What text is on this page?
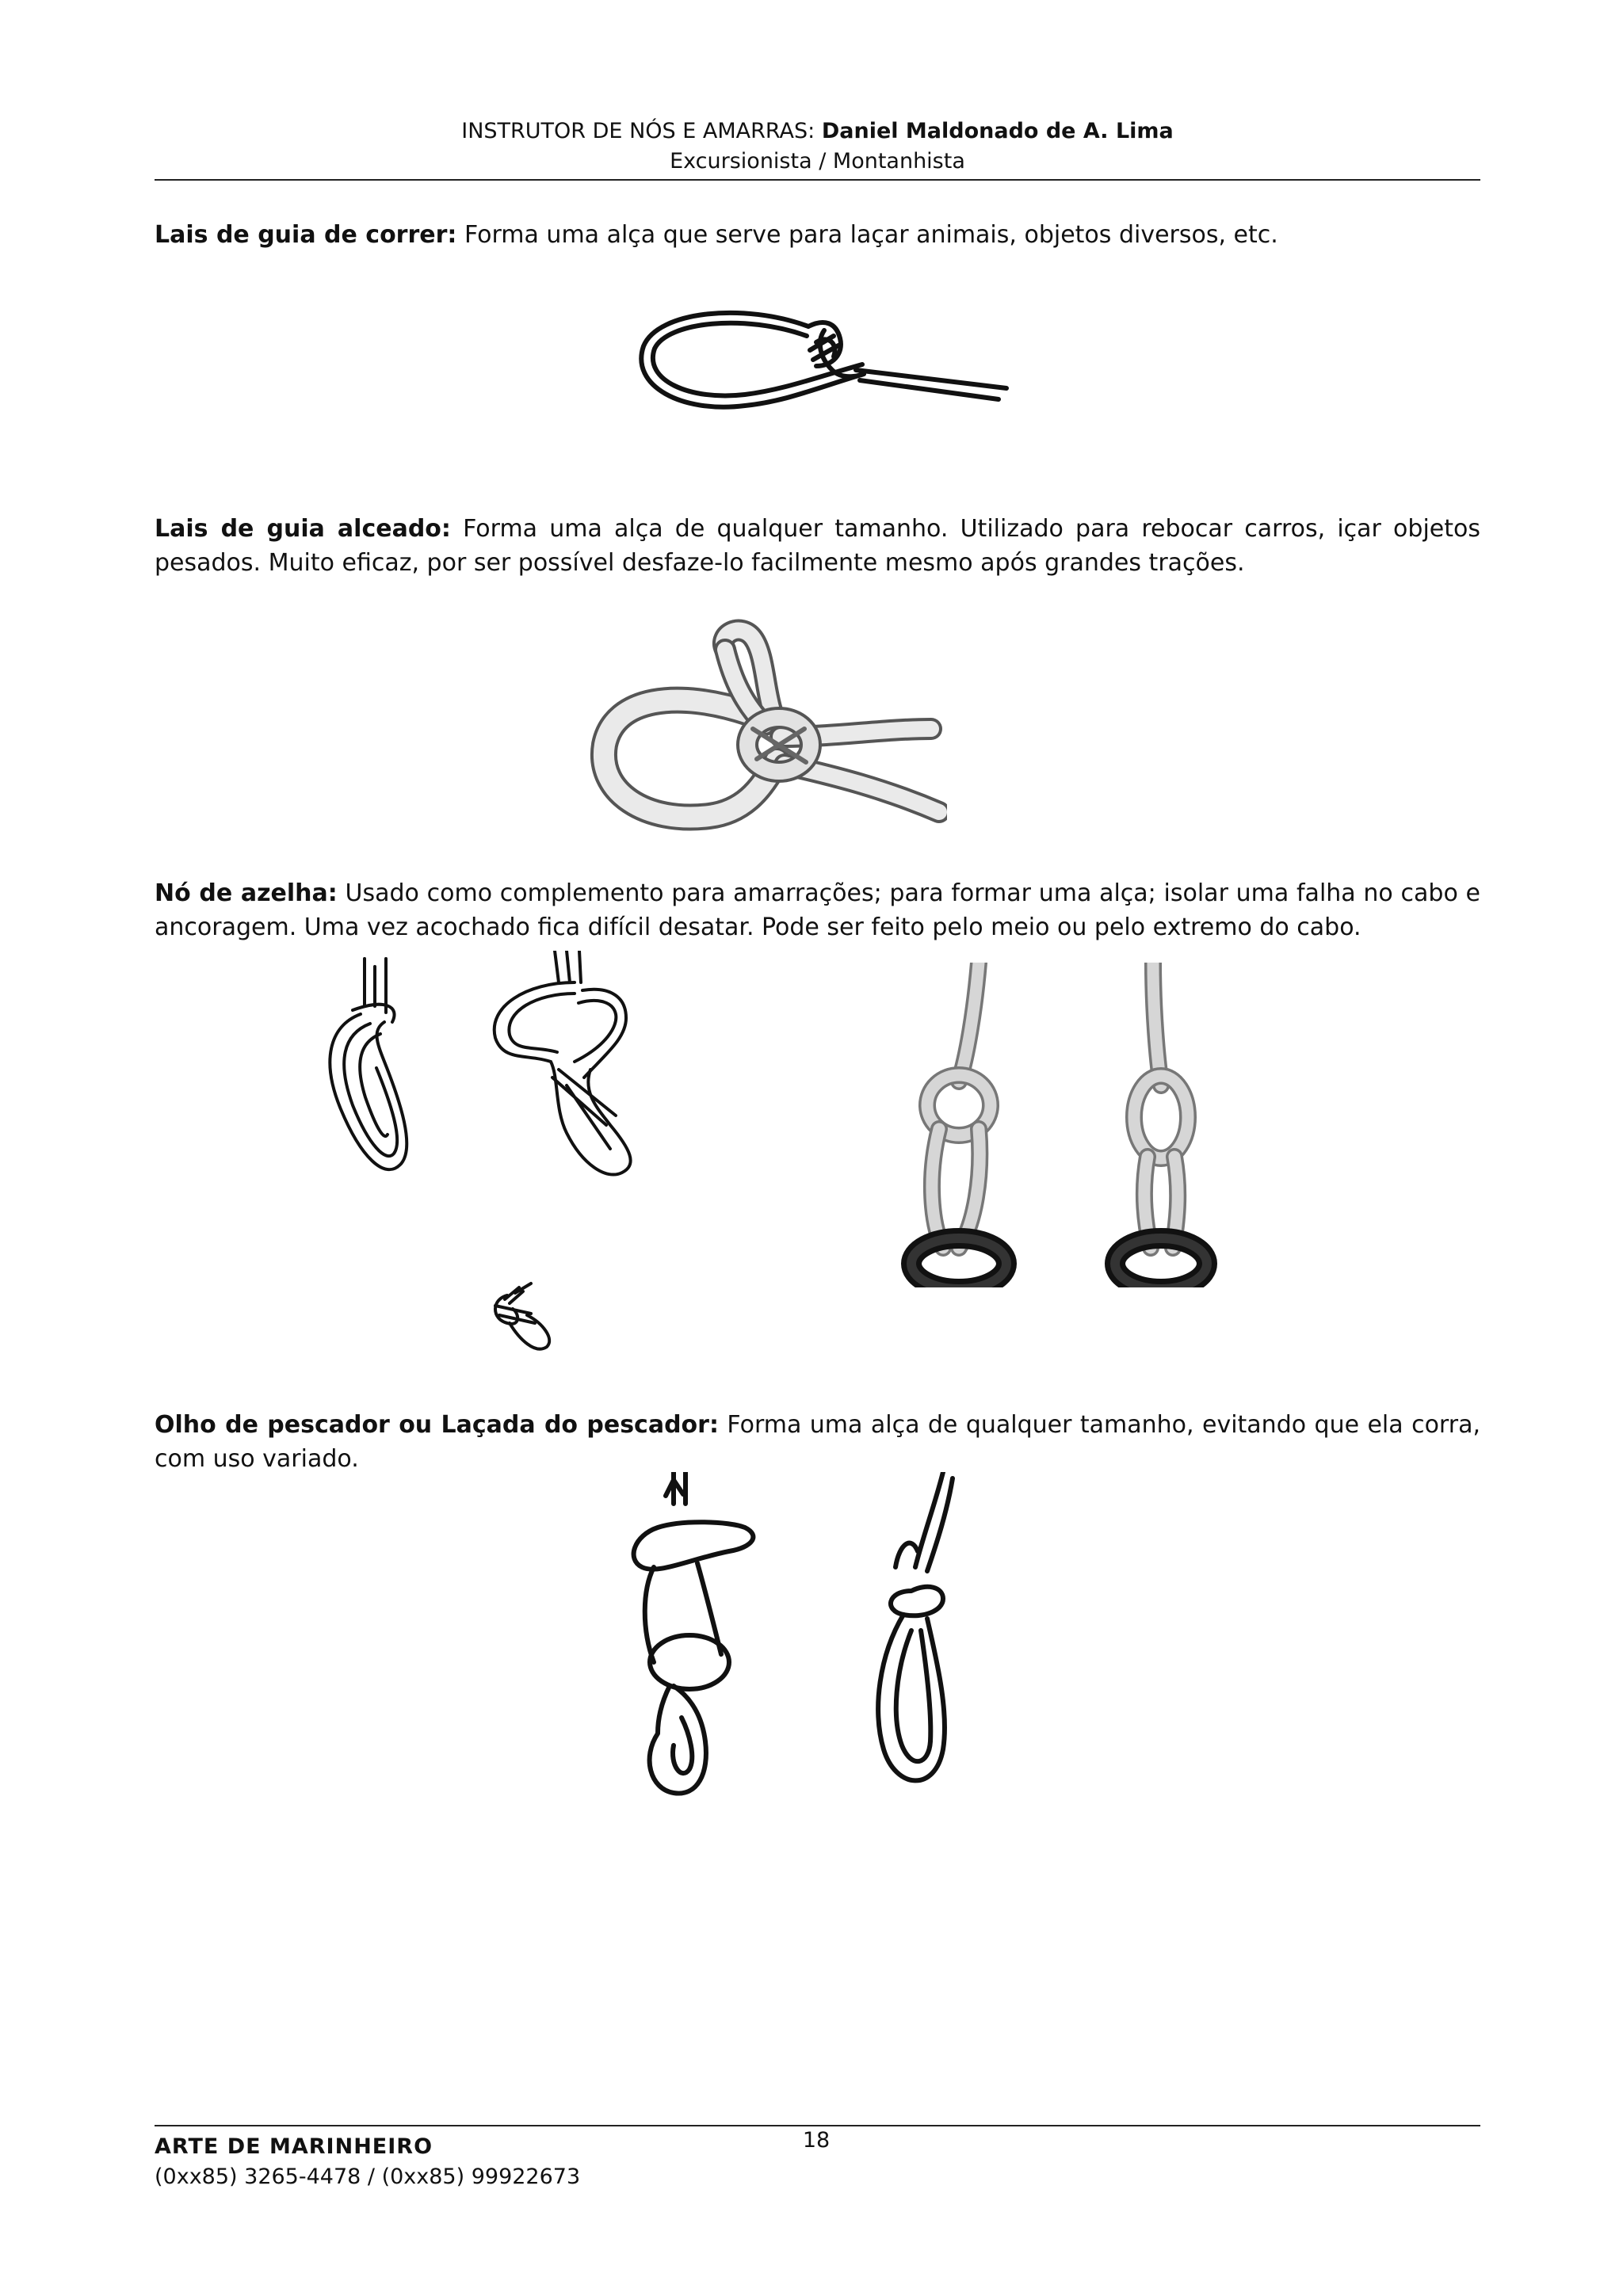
INSTRUTOR DE NÓS E AMARRAS: Daniel Maldonado de A. Lima
Excursionista / Montanhista
Lais de guia de correr: Forma uma alça que serve para laçar animais, objetos diversos, etc.
Lais de guia alceado: Forma uma alça de qualquer tamanho. Utilizado para rebocar carros, içar objetos pesados. Muito eficaz, por ser possível desfaze-lo facilmente mesmo após grandes trações.
Nó de azelha: Usado como complemento para amarrações; para formar uma alça; isolar uma falha no cabo e ancoragem. Uma vez acochado fica difícil desatar. Pode ser feito pelo meio ou pelo extremo do cabo.
Olho de pescador ou Laçada do pescador: Forma uma alça de qualquer tamanho, evitando que ela corra, com uso variado.
ARTE DE MARINHEIRO
(0xx85) 3265-4478 / (0xx85) 99922673
18
